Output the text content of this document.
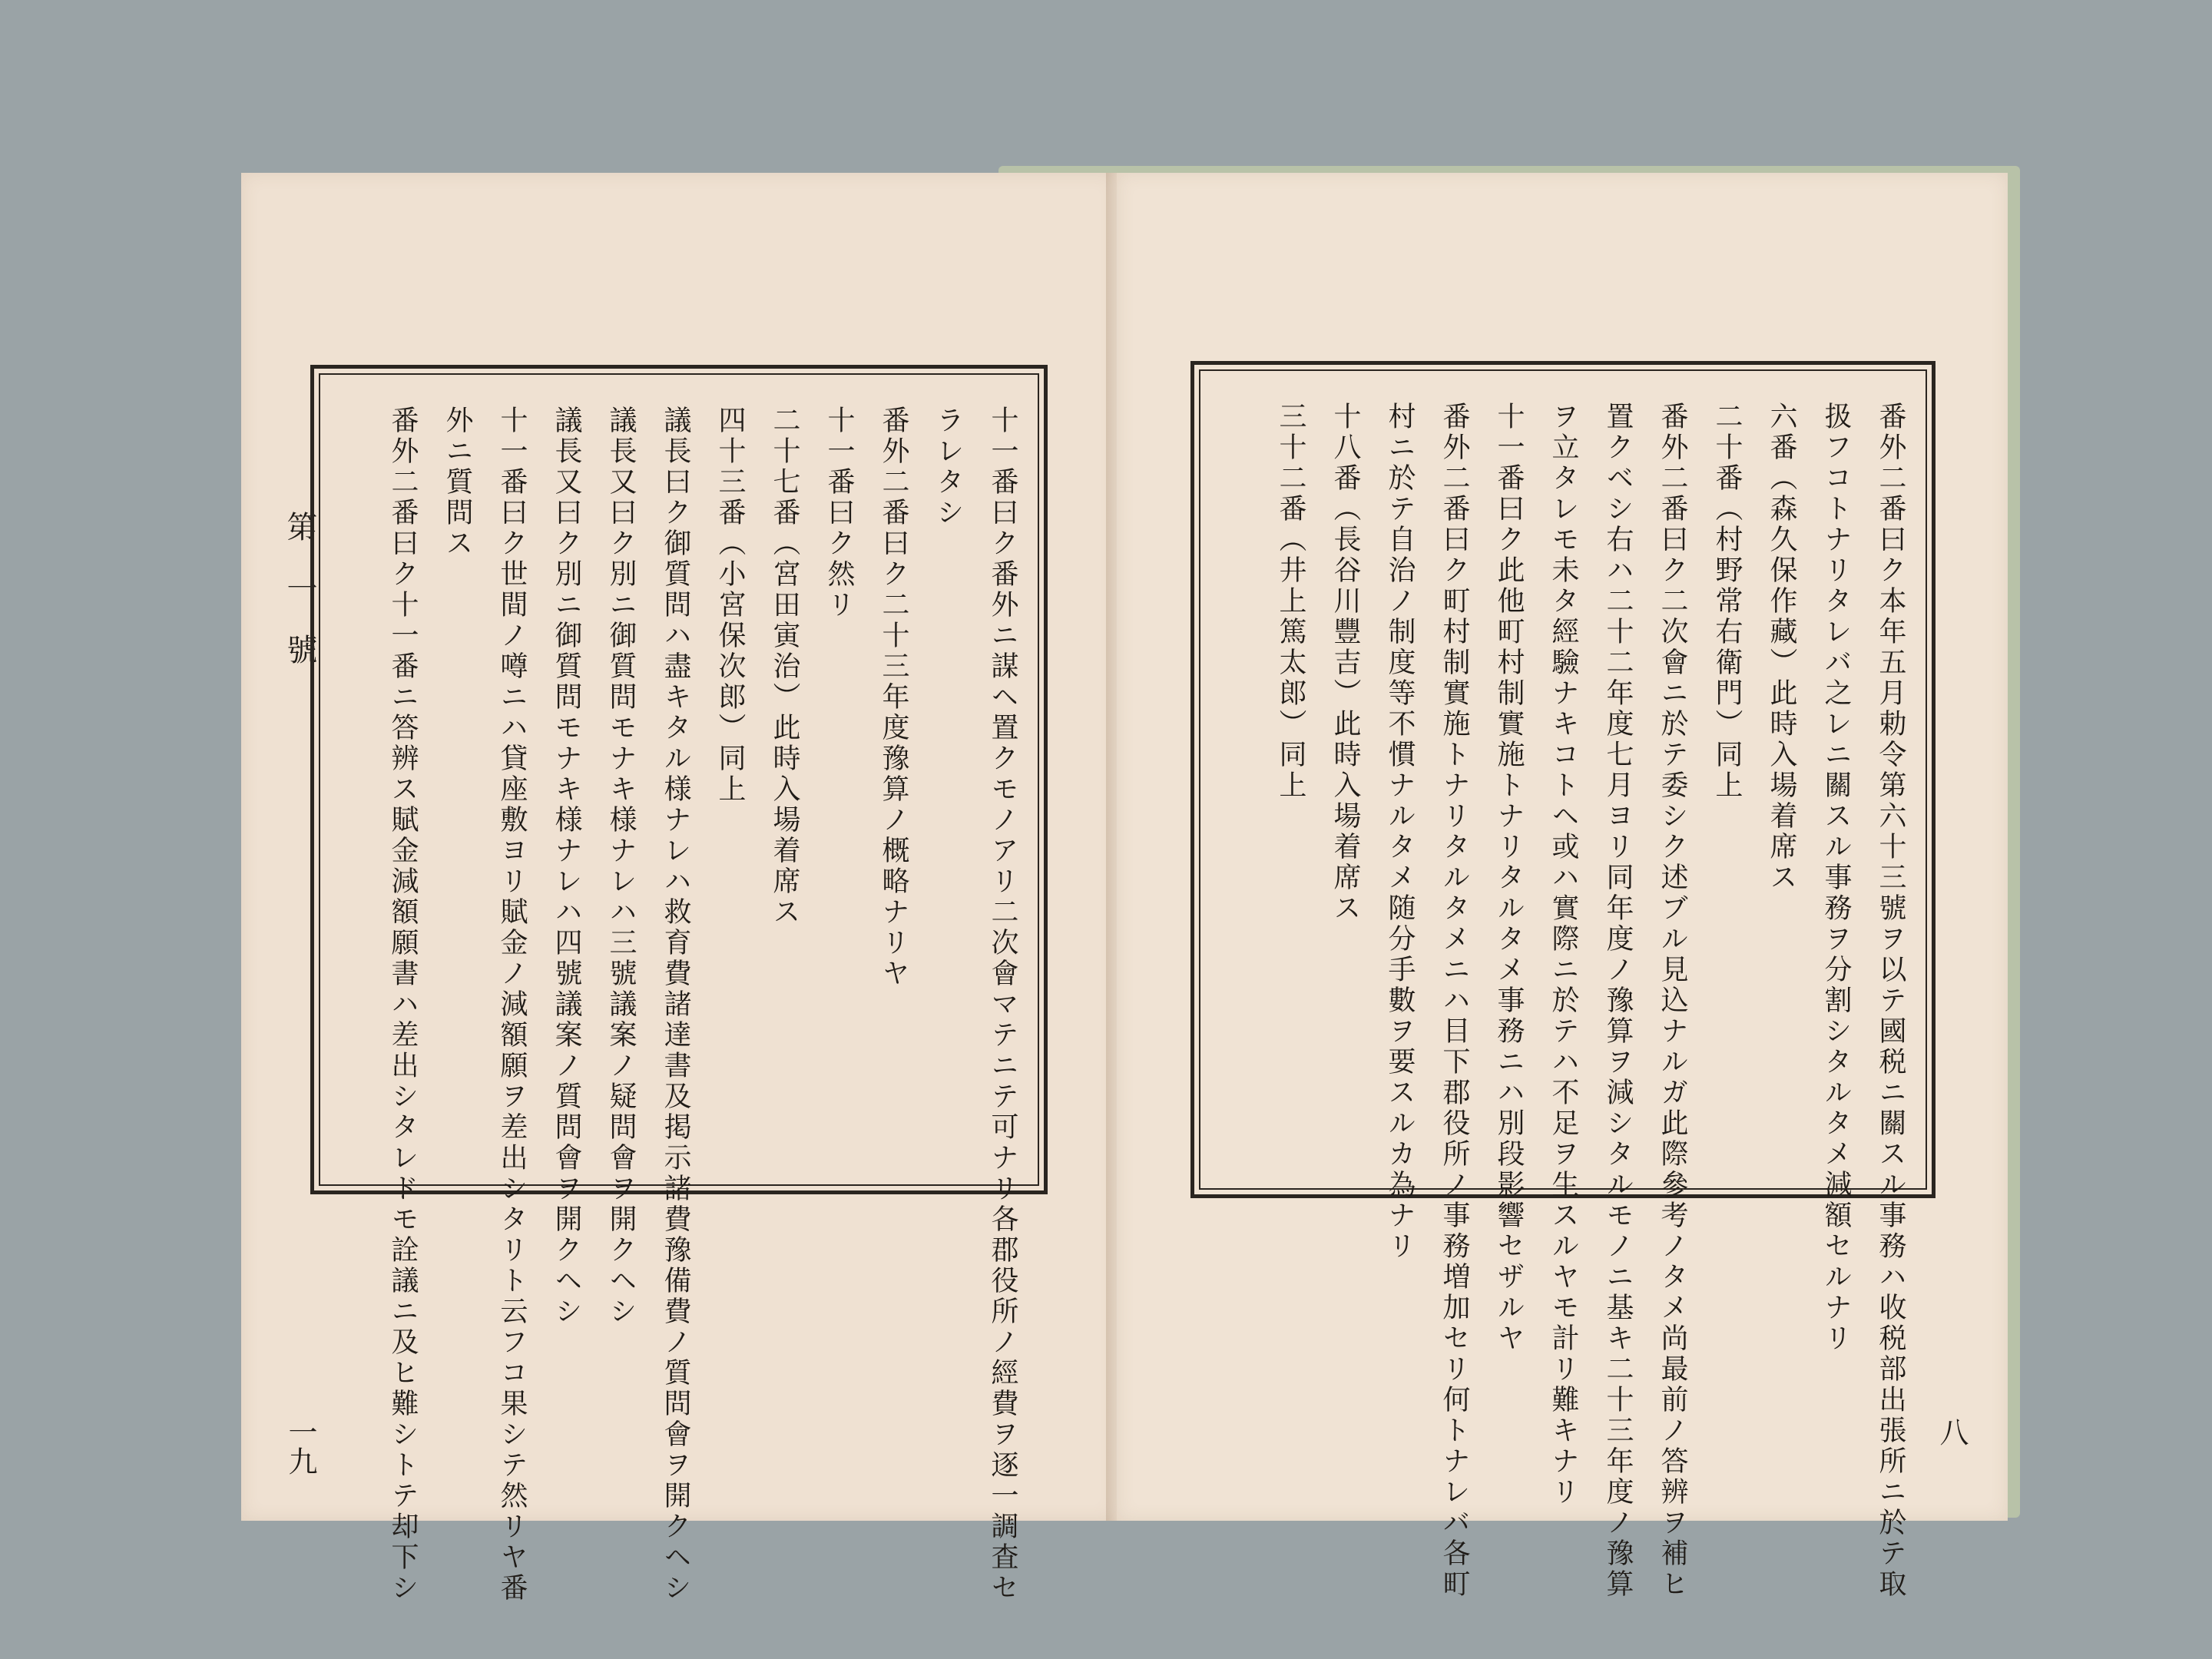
第一號
一九	十一番曰ク番外ニ謀ヘ置クモノアリ二次會マテニテ可ナリ各郡役所ノ經費ヲ逐一調査セ
ラレタシ
番外二番曰ク二十三年度豫算ノ概略ナリヤ
十一番曰ク然リ
二十七番（宮田寅治）此時入場着席ス
四十三番（小宮保次郎）同上
議長曰ク御質問ハ盡キタル様ナレハ救育費諸達書及掲示諸費豫備費ノ質問會ヲ開クヘシ
議長又曰ク別ニ御質問モナキ様ナレハ三號議案ノ疑問會ヲ開クヘシ
議長又曰ク別ニ御質問モナキ様ナレハ四號議案ノ質問會ヲ開クヘシ
十一番曰ク世間ノ噂ニハ貸座敷ヨリ賦金ノ減額願ヲ差出シタリト云フコ果シテ然リヤ番
外ニ質問ス
番外二番曰ク十一番ニ答辨ス賦金減額願書ハ差出シタレドモ詮議ニ及ヒ難シトテ却下シ	八
番外二番曰ク本年五月勅令第六十三號ヲ以テ國税ニ關スル事務ハ收税部出張所ニ於テ取
扱フコトナリタレバ之レニ關スル事務ヲ分割シタルタメ減額セルナリ
六番（森久保作藏）此時入場着席ス
二十番（村野常右衛門）同上
番外二番曰ク二次會ニ於テ委シク述ブル見込ナルガ此際參考ノタメ尚最前ノ答辨ヲ補ヒ
置クベシ右ハ二十二年度七月ヨリ同年度ノ豫算ヲ減シタルモノニ基キ二十三年度ノ豫算
ヲ立タレモ未タ經驗ナキコトヘ或ハ實際ニ於テハ不足ヲ生スルヤモ計リ難キナリ
十一番曰ク此他町村制實施トナリタルタメ事務ニハ別段影響セザルヤ
番外二番曰ク町村制實施トナリタルタメニハ目下郡役所ノ事務増加セリ何トナレバ各町
村ニ於テ自治ノ制度等不慣ナルタメ随分手數ヲ要スルカ為ナリ
十八番（長谷川豐吉）此時入場着席ス
三十二番（井上篤太郎）同上
